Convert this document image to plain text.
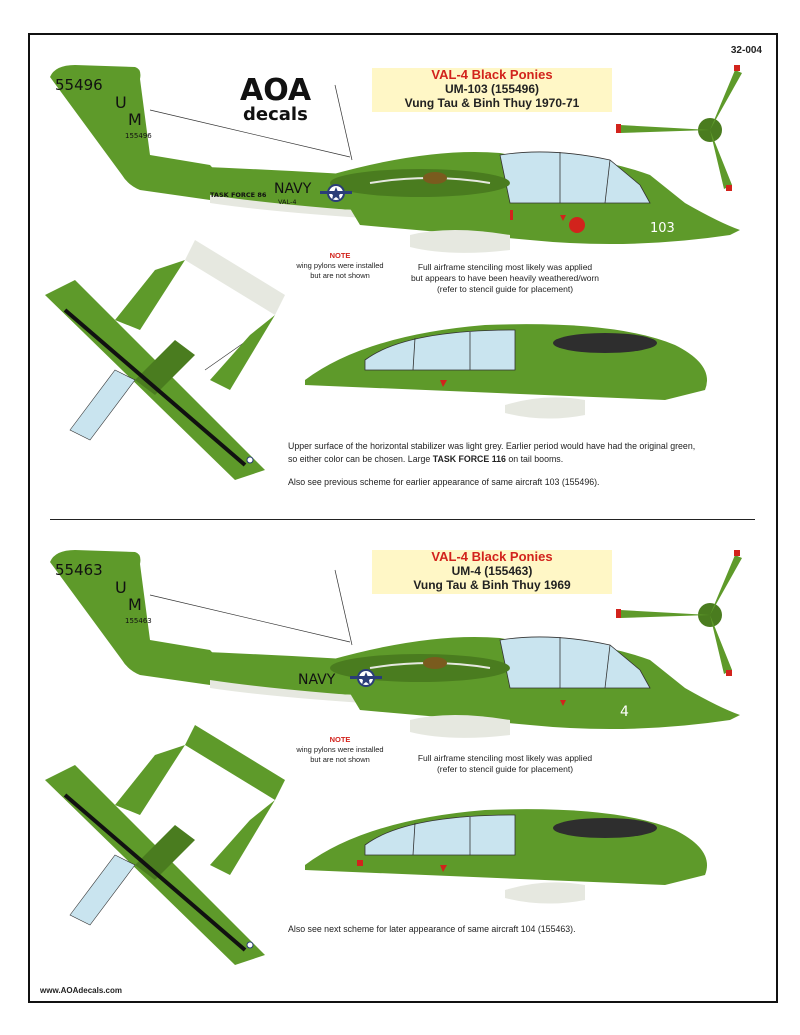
32-004
AOA
decals
VAL-4 Black Ponies
UM-103 (155496)
Vung Tau & Binh Thuy 1970-71
55496
U
M
155496
TASK FORCE 86 NAVY
VAL-4
103
NOTE
wing pylons were installed
but are not shown
Full airframe stenciling most likely was applied
but appears to have been heavily weathered/worn
(refer to stencil guide for placement)
103
Upper surface of the horizontal stabilizer was light grey. Earlier period would have had the original green,
so either color can be chosen. Large TASK FORCE 116 on tail booms.
Also see previous scheme for earlier appearance of same aircraft 103 (155496).
VAL-4 Black Ponies
UM-4 (155463)
Vung Tau & Binh Thuy 1969
NAVY
55463
U
M
155463
4
NOTE
wing pylons were installed
but are not shown	Full airframe stenciling most likely was applied
(refer to stencil guide for placement)
4
Also see next scheme for later appearance of same aircraft 104 (155463).
www.AOAdecals.com
